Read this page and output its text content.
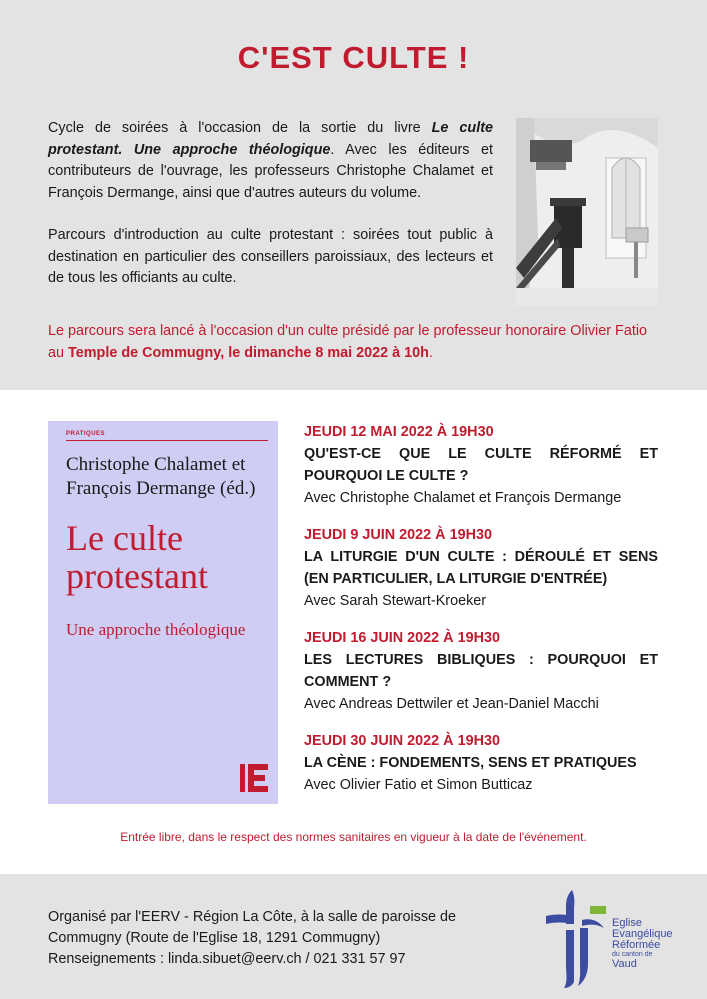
C'EST CULTE !

Cycle de soirées à l'occasion de la sortie du livre Le culte protestant. Une approche théologique. Avec les éditeurs et contributeurs de l'ouvrage, les professeurs Christophe Chalamet et François Dermange, ainsi que d'autres auteurs du volume.

Parcours d'introduction au culte protestant : soirées tout public à destination en particulier des conseillers paroissiaux, des lecteurs et de tous les officiants au culte.

Le parcours sera lancé à l'occasion d'un culte présidé par le professeur honoraire Olivier Fatio au Temple de Commugny, le dimanche 8 mai 2022 à 10h.

PRATIQUES
Christophe Chalamet et
François Dermange (éd.)
Le culte
protestant
Une approche théologique
JEUDI 12 MAI 2022 À 19H30
QU'EST-CE QUE LE CULTE RÉFORMÉ ET POURQUOI LE CULTE ?
Avec Christophe Chalamet et François Dermange
JEUDI 9 JUIN 2022 À 19H30
LA LITURGIE D'UN CULTE : DÉROULÉ ET SENS (EN PARTICULIER, LA LITURGIE D'ENTRÉE)
Avec Sarah Stewart-Kroeker
JEUDI 16 JUIN 2022 À 19H30
LES LECTURES BIBLIQUES : POURQUOI ET COMMENT ?
Avec Andreas Dettwiler et Jean-Daniel Macchi
JEUDI 30 JUIN 2022 À 19H30
LA CÈNE : FONDEMENTS, SENS ET PRATIQUES
Avec Olivier Fatio et Simon Butticaz

Entrée libre, dans le respect des normes sanitaires en vigueur à la date de l'événement.

Organisé par l'EERV - Région La Côte, à la salle de paroisse de
Commugny (Route de l'Eglise 18, 1291 Commugny)
Renseignements : linda.sibuet@eerv.ch / 021 331 57 97
Eglise
Evangélique
Réformée
du canton de
Vaud
